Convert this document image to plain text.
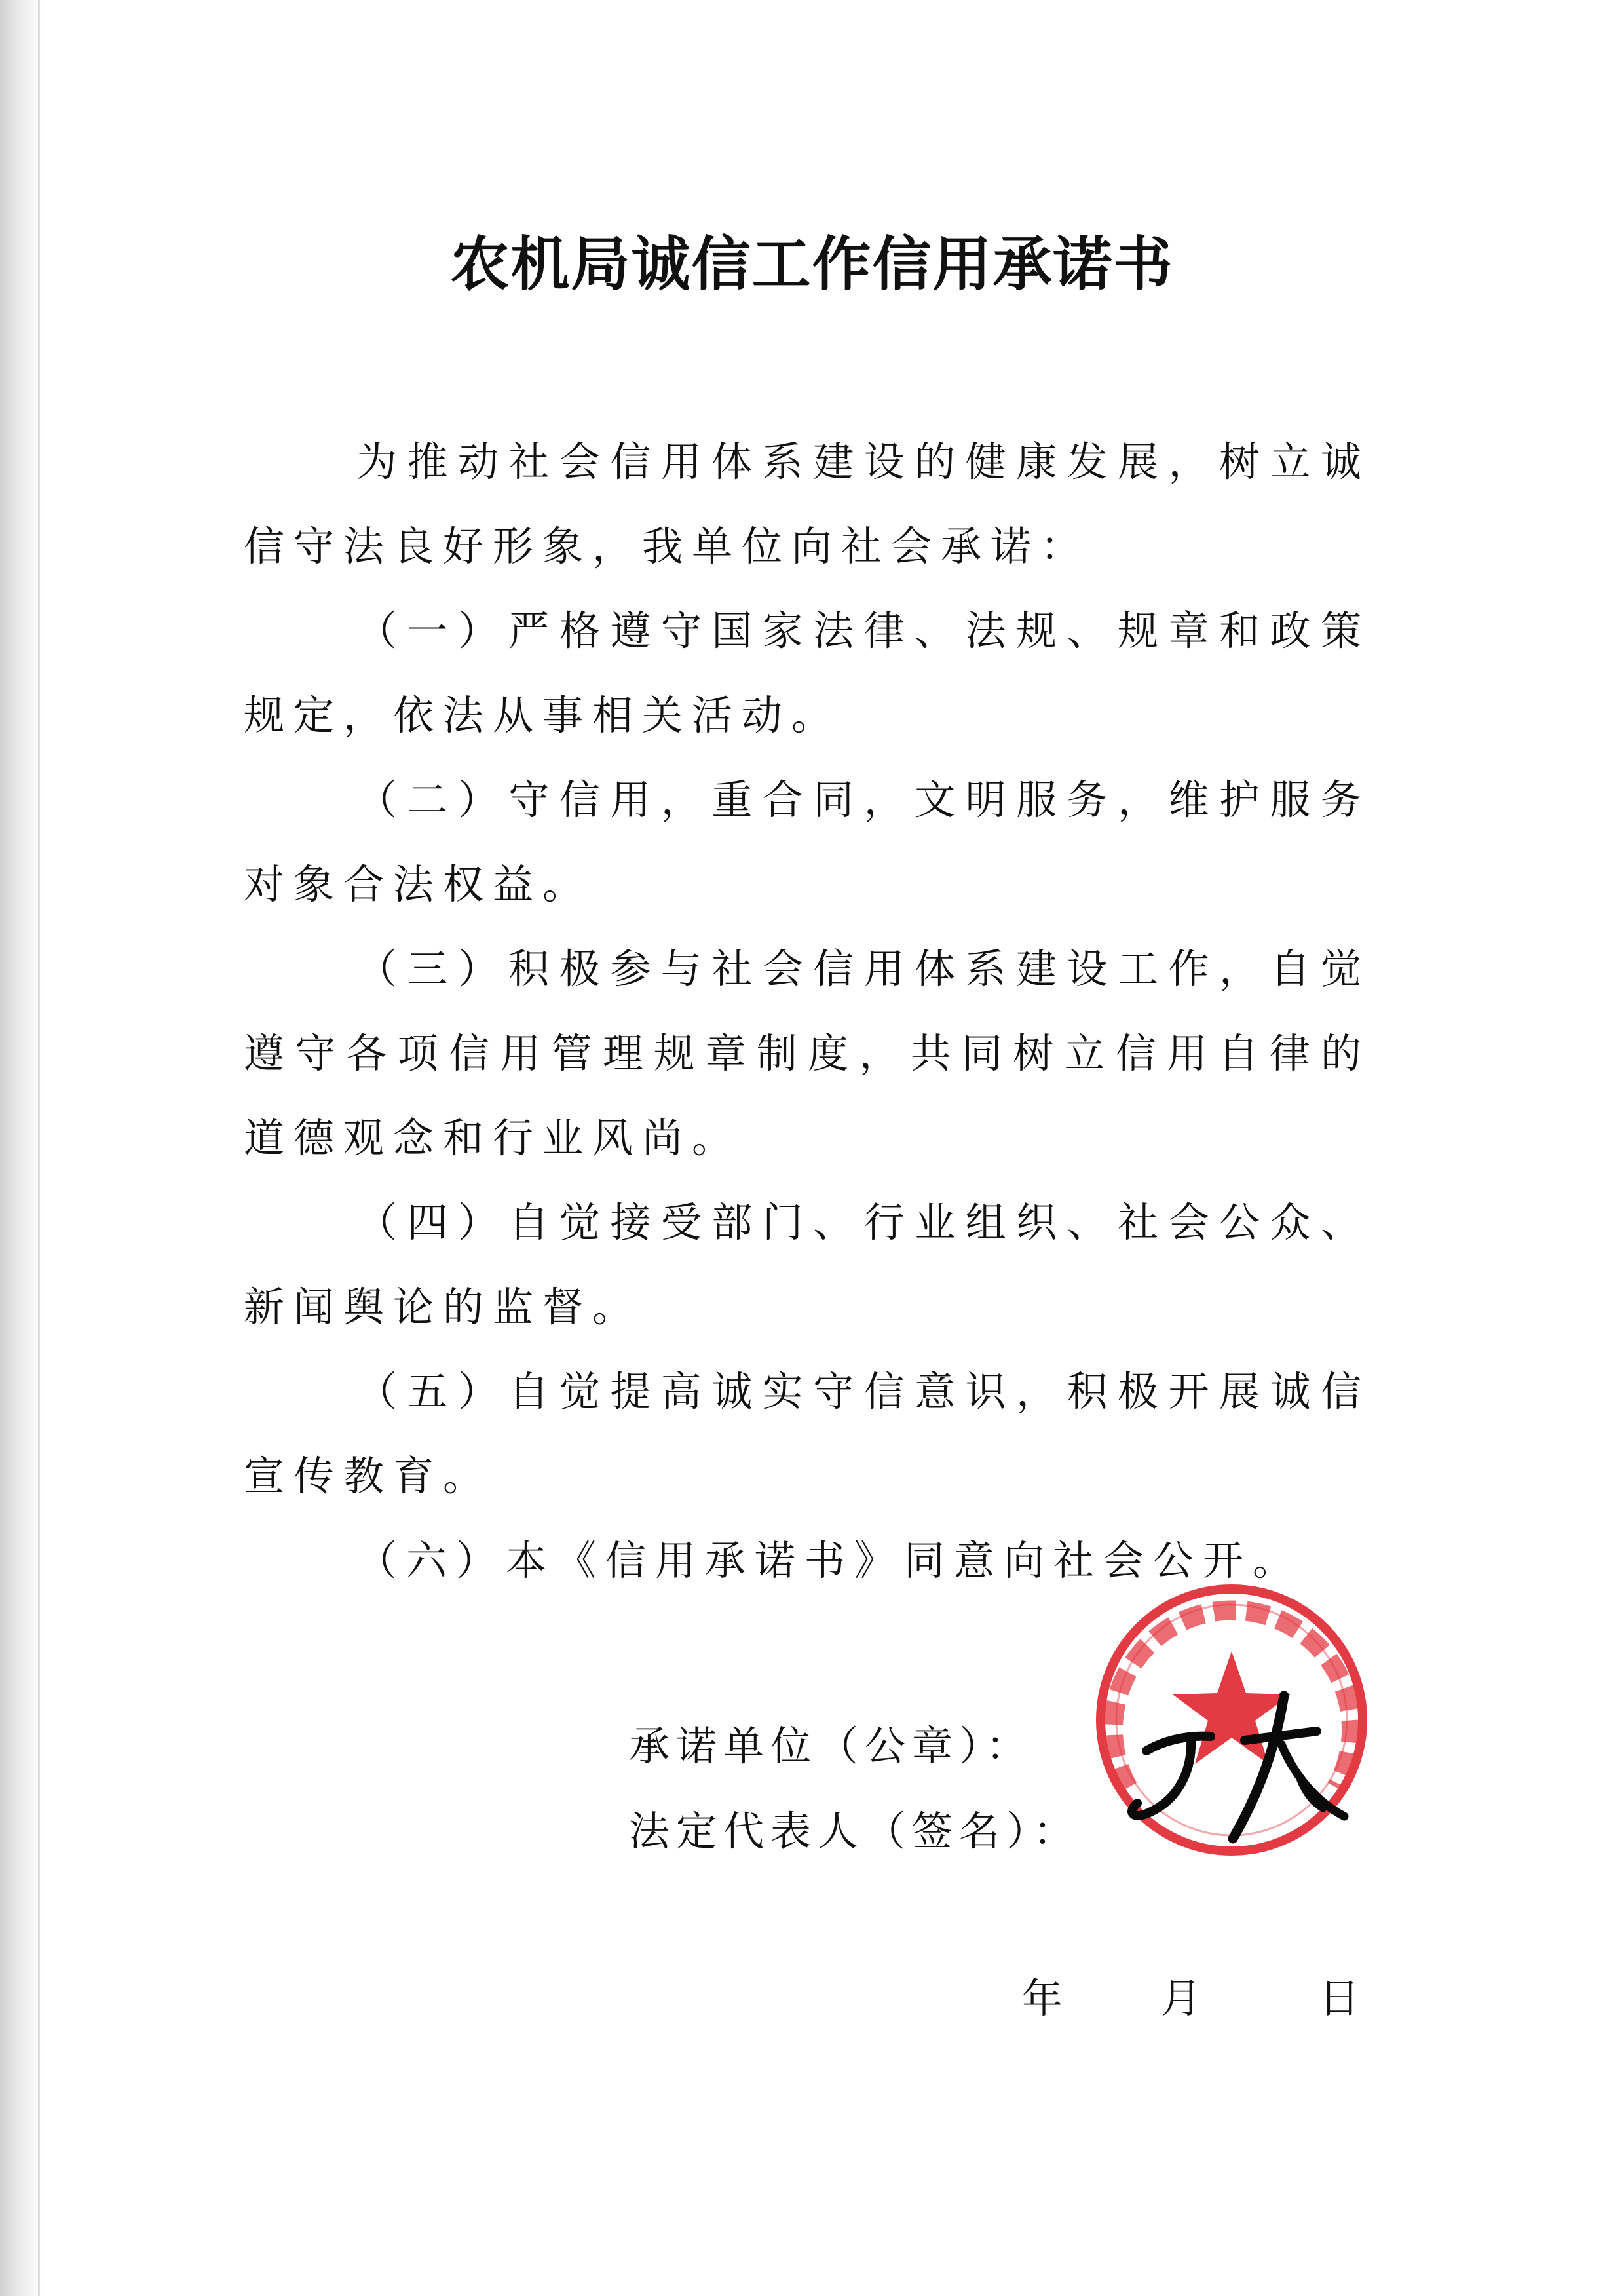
农机局诚信工作信用承诺书

为推动社会信用体系建设的健康发展，树立诚信守法良好形象，我单位向社会承诺：

（一）严格遵守国家法律、法规、规章和政策规定，依法从事相关活动。

（二）守信用，重合同，文明服务，维护服务对象合法权益。

（三）积极参与社会信用体系建设工作，自觉遵守各项信用管理规章制度，共同树立信用自律的道德观念和行业风尚。

（四）自觉接受部门、行业组织、社会公众、新闻舆论的监督。

（五）自觉提高诚实守信意识，积极开展诚信宣传教育。

（六）本《信用承诺书》同意向社会公开。

承诺单位（公章）：

法定代表人（签名）：

年 月	日
